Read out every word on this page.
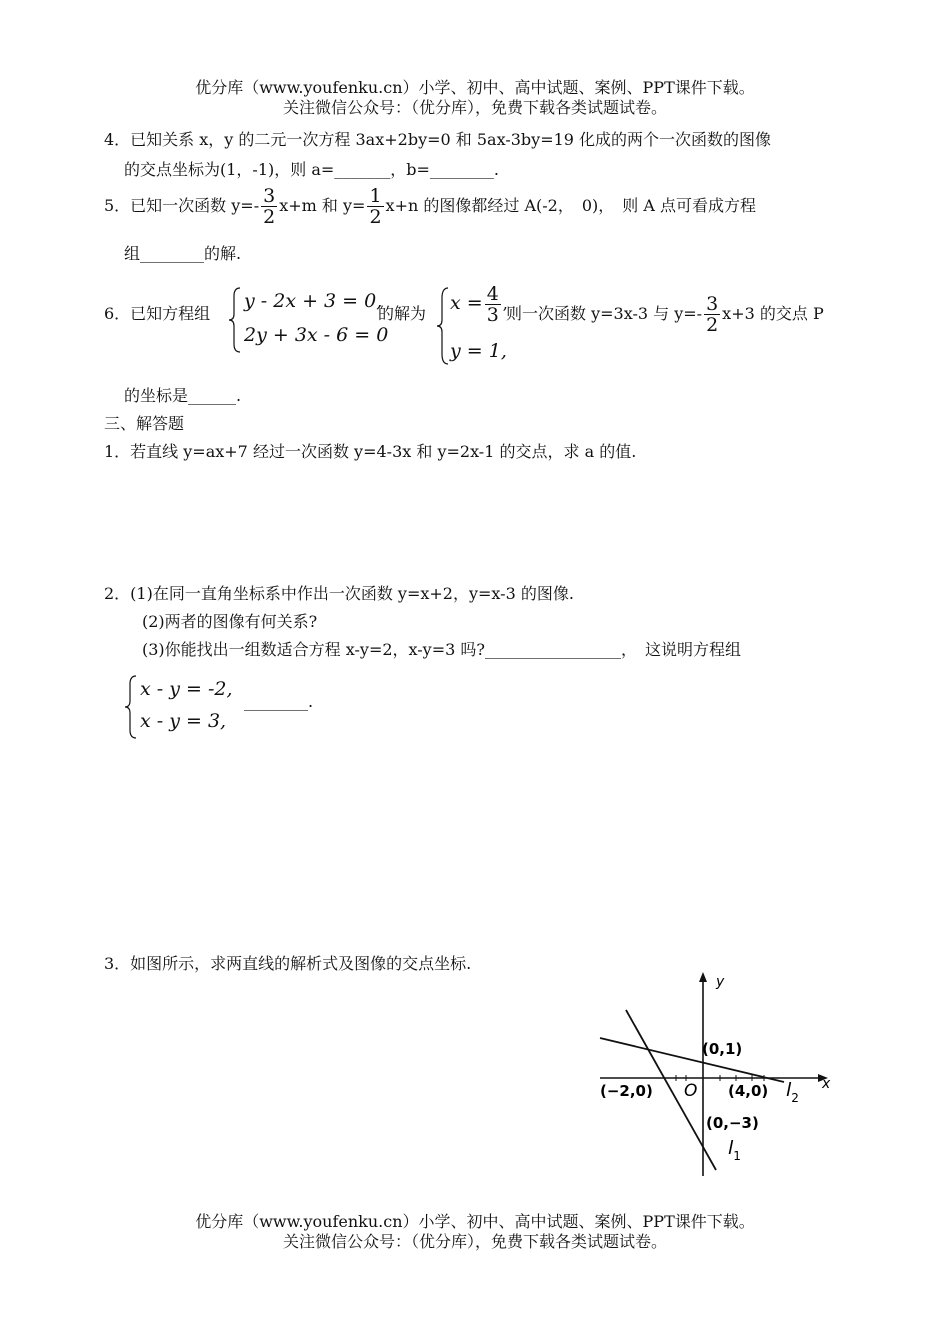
优分库（www.youfenku.cn）小学、初中、高中试题、案例、PPT课件下载。
关注微信公众号：（优分库），免费下载各类试题试卷。
4．已知关系 x，y 的二元一次方程 3ax+2by=0 和 5ax-3by=19 化成的两个一次函数的图像
的交点坐标为(1，-1)，则 a=_______，b=________.
5．已知一次函数 $y=- \frac{3}{2} x+m$ 和 $y= \frac{1}{2} x+n$ 的图像都经过 A(-2，　0)，　则 A 点可看成方程
组________的解.
6．已知方程组
y - 2x + 3 = 0,
2y + 3x - 6 = 0
的解为 $x = \frac{4}{3}$ ,
y = 1,
则一次函数 y=3x-3 与 $y=- \frac{3}{2} x+3$ 的交点 P
的坐标是______.
三、解答题
1．若直线 y=ax+7 经过一次函数 y=4-3x 和 y=2x-1 的交点，求 a 的值.
2．(1)在同一直角坐标系中作出一次函数 y=x+2，y=x-3 的图像.
(2)两者的图像有何关系?
(3)你能找出一组数适合方程 x-y=2，x-y=3 吗?_________________，　这说明方程组
x - y = -2,
x - y = 3,
________.
3．如图所示，求两直线的解析式及图像的交点坐标.
y
x
O
(0,1)
(−2,0)	(4,0)
(0,−3)
$l_2$
$l_1$
优分库（www.youfenku.cn）小学、初中、高中试题、案例、PPT课件下载。
关注微信公众号：（优分库），免费下载各类试题试卷。
